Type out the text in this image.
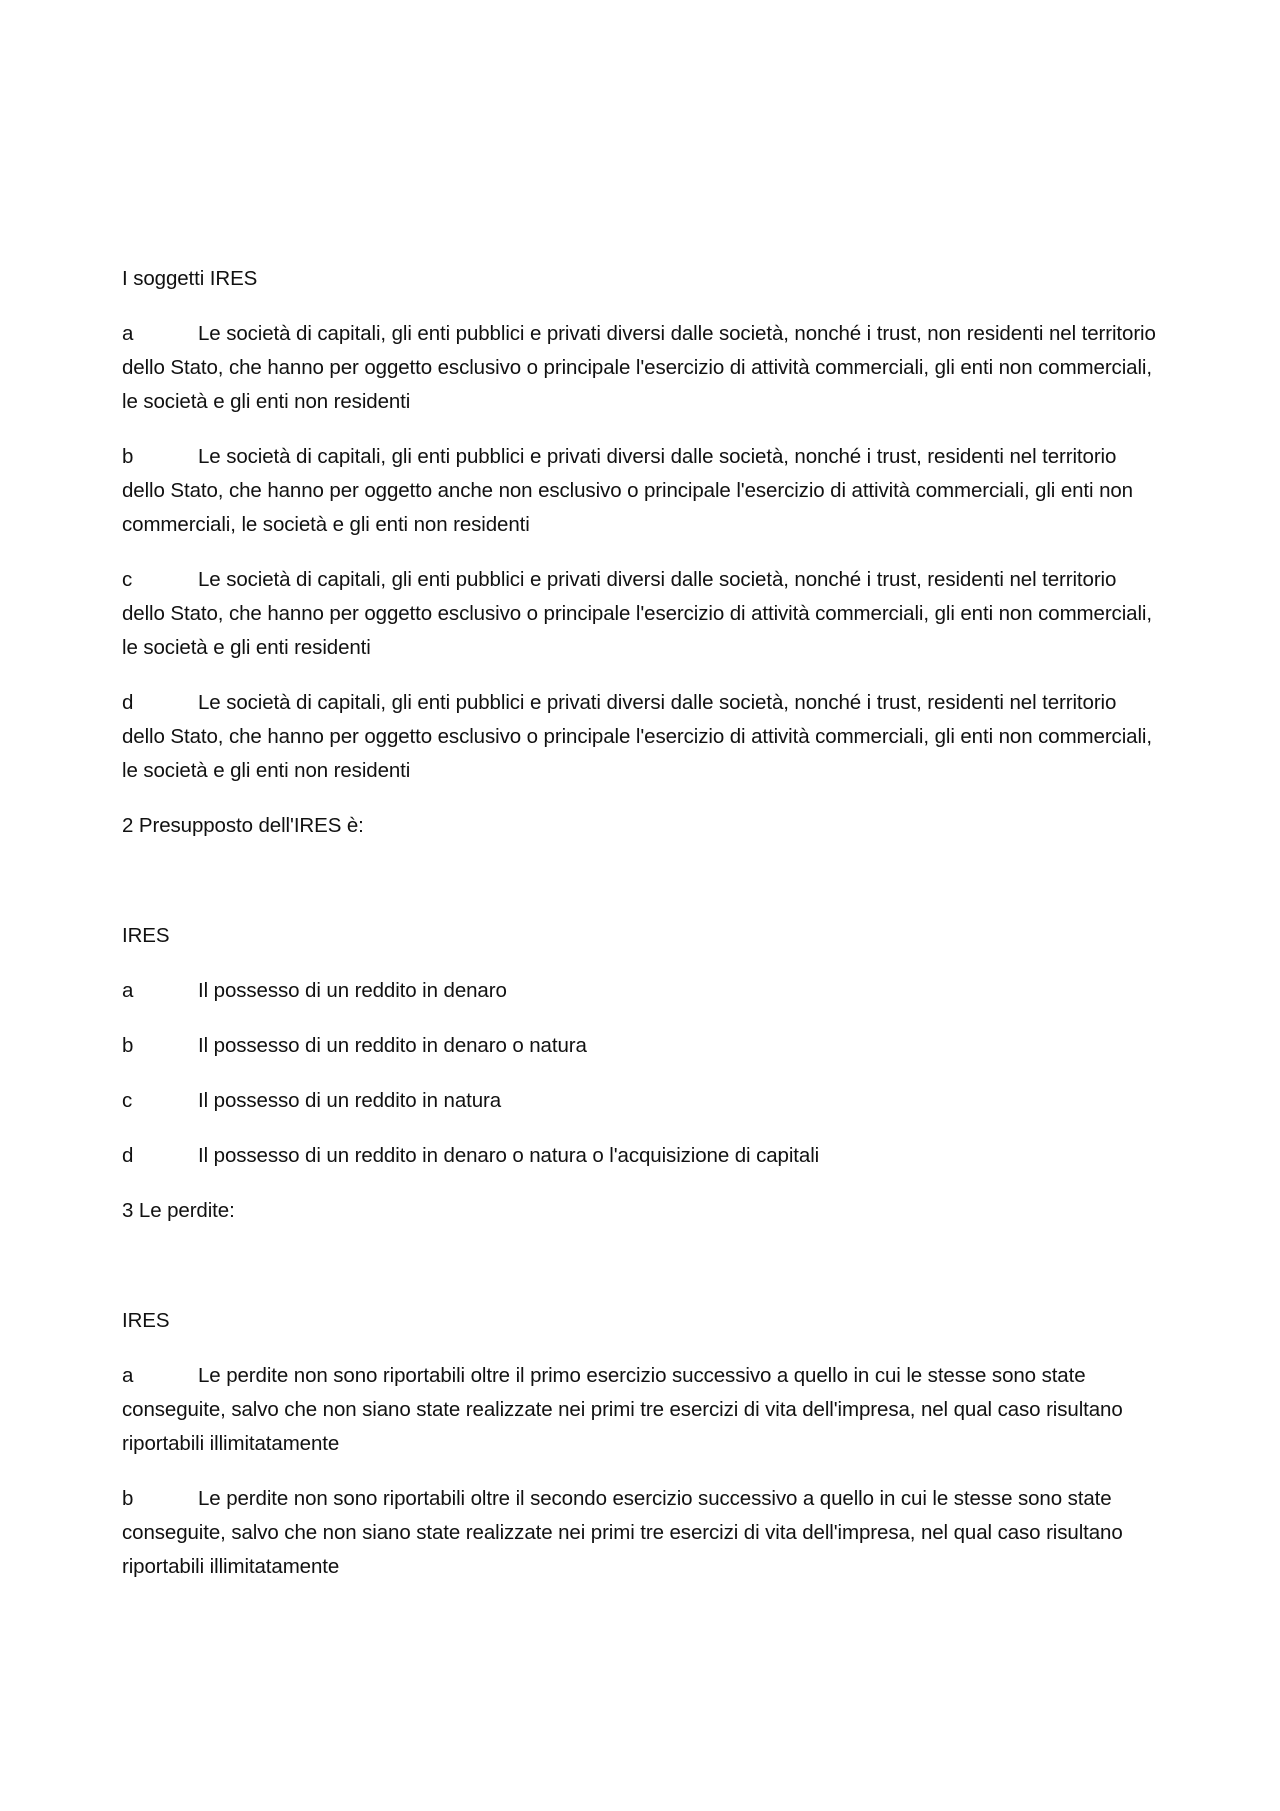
I soggetti IRES

a	Le società di capitali, gli enti pubblici e privati diversi dalle società, nonché i trust, non residenti nel territorio dello Stato, che hanno per oggetto esclusivo o principale l'esercizio di attività commerciali, gli enti non commerciali, le società e gli enti non residenti

b	Le società di capitali, gli enti pubblici e privati diversi dalle società, nonché i trust, residenti nel territorio dello Stato, che hanno per oggetto anche non esclusivo o principale l'esercizio di attività commerciali, gli enti non commerciali, le società e gli enti non residenti

c	Le società di capitali, gli enti pubblici e privati diversi dalle società, nonché i trust, residenti nel territorio dello Stato, che hanno per oggetto esclusivo o principale l'esercizio di attività commerciali, gli enti non commerciali, le società e gli enti residenti

d	Le società di capitali, gli enti pubblici e privati diversi dalle società, nonché i trust, residenti nel territorio dello Stato, che hanno per oggetto esclusivo o principale l'esercizio di attività commerciali, gli enti non commerciali, le società e gli enti non residenti

2 Presupposto dell'IRES è:

IRES

a	Il possesso di un reddito in denaro

b	Il possesso di un reddito in denaro o natura

c	Il possesso di un reddito in natura

d	Il possesso di un reddito in denaro o natura o l'acquisizione di capitali

3 Le perdite:

IRES

a	Le perdite non sono riportabili oltre il primo esercizio successivo a quello in cui le stesse sono state conseguite, salvo che non siano state realizzate nei primi tre esercizi di vita dell'impresa, nel qual caso risultano riportabili illimitatamente

b	Le perdite non sono riportabili oltre il secondo esercizio successivo a quello in cui le stesse sono state conseguite, salvo che non siano state realizzate nei primi tre esercizi di vita dell'impresa, nel qual caso risultano riportabili illimitatamente
